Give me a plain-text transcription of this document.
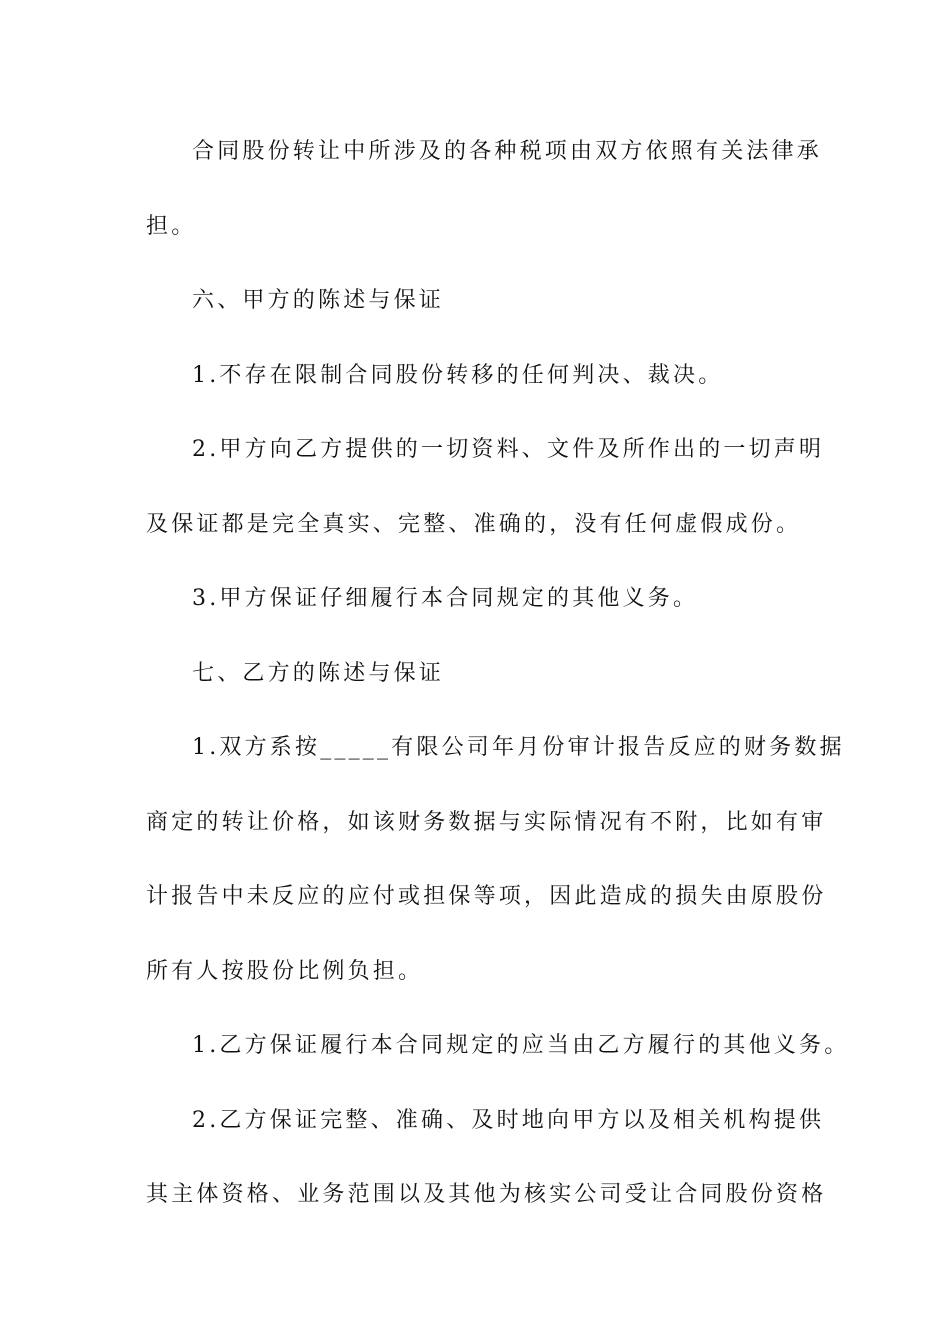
合同股份转让中所涉及的各种税项由双方依照有关法律承
担。
六、甲方的陈述与保证
1.不存在限制合同股份转移的任何判决、裁决。
2.甲方向乙方提供的一切资料、文件及所作出的一切声明
及保证都是完全真实、完整、准确的，没有任何虚假成份。
3.甲方保证仔细履行本合同规定的其他义务。
七、乙方的陈述与保证
1.双方系按_____有限公司年月份审计报告反应的财务数据
商定的转让价格，如该财务数据与实际情况有不附，比如有审
计报告中未反应的应付或担保等项，因此造成的损失由原股份
所有人按股份比例负担。
1.乙方保证履行本合同规定的应当由乙方履行的其他义务。
2.乙方保证完整、准确、及时地向甲方以及相关机构提供
其主体资格、业务范围以及其他为核实公司受让合同股份资格
